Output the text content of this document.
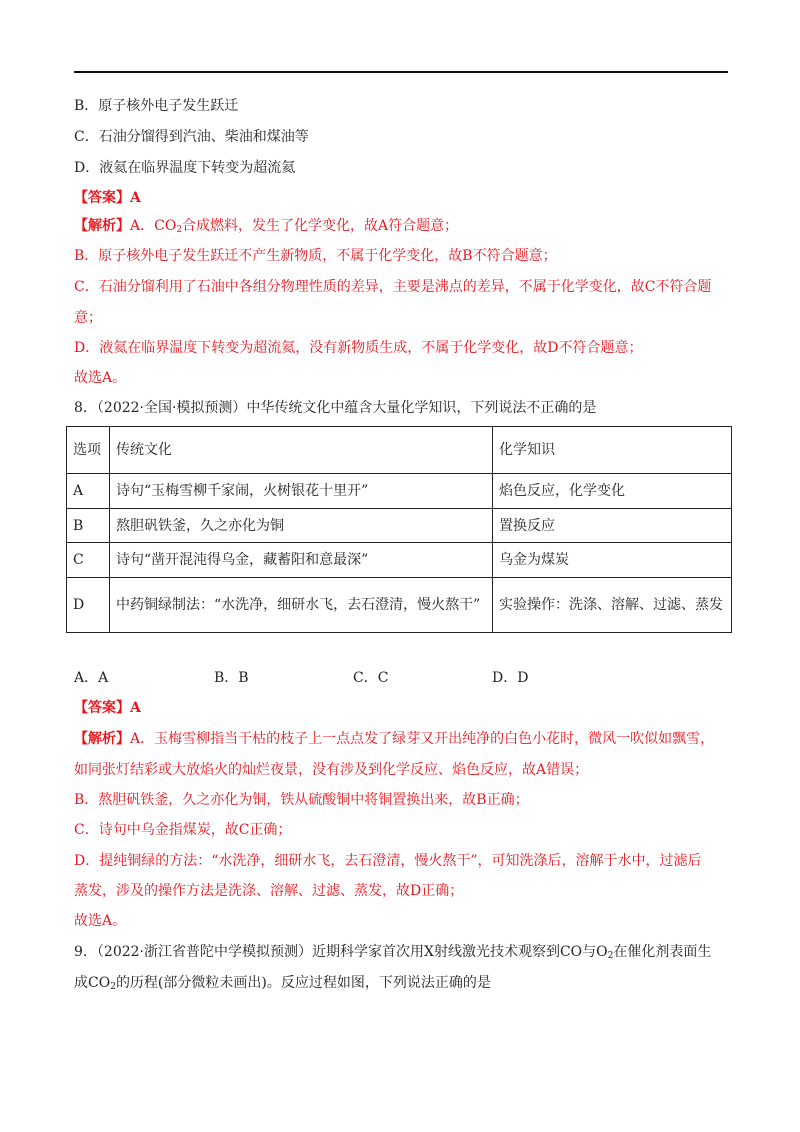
B．原子核外电子发生跃迁
C．石油分馏得到汽油、柴油和煤油等
D．液氦在临界温度下转变为超流氦
【答案】A
【解析】A．$CO_2$合成燃料，发生了化学变化，故A符合题意；
B．原子核外电子发生跃迁不产生新物质，不属于化学变化，故B不符合题意；
C．石油分馏利用了石油中各组分物理性质的差异，主要是沸点的差异，不属于化学变化，故C不符合题
意；
D．液氦在临界温度下转变为超流氦，没有新物质生成，不属于化学变化，故D不符合题意；
故选A。
8．（2022·全国·模拟预测）中华传统文化中蕴含大量化学知识，下列说法不正确的是
选项	传统文化	化学知识
A	诗句“玉梅雪柳千家闹，火树银花十里开”	焰色反应，化学变化
B	熬胆矾铁釜，久之亦化为铜	置换反应
C	诗句“凿开混沌得乌金，藏蓄阳和意最深”	乌金为煤炭
D	中药铜绿制法：“水洗净，细研水飞，去石澄清，慢火熬干”	实验操作：洗涤、溶解、过滤、蒸发
A．A	B．B	C．C	D．D
【答案】A
【解析】A．玉梅雪柳指当干枯的枝子上一点点发了绿芽又开出纯净的白色小花时，微风一吹似如飘雪，
如同张灯结彩或大放焰火的灿烂夜景，没有涉及到化学反应、焰色反应，故A错误；
B．熬胆矾铁釜，久之亦化为铜，铁从硫酸铜中将铜置换出来，故B正确；
C．诗句中乌金指煤炭，故C正确；
D．提纯铜绿的方法：“水洗净，细研水飞，去石澄清，慢火熬干”，可知洗涤后，溶解于水中，过滤后
蒸发，涉及的操作方法是洗涤、溶解、过滤、蒸发，故D正确；
故选A。
9．（2022·浙江省普陀中学模拟预测）近期科学家首次用X射线激光技术观察到CO与$O_2$在催化剂表面生
成$CO_2$的历程(部分微粒未画出)。反应过程如图，下列说法正确的是
